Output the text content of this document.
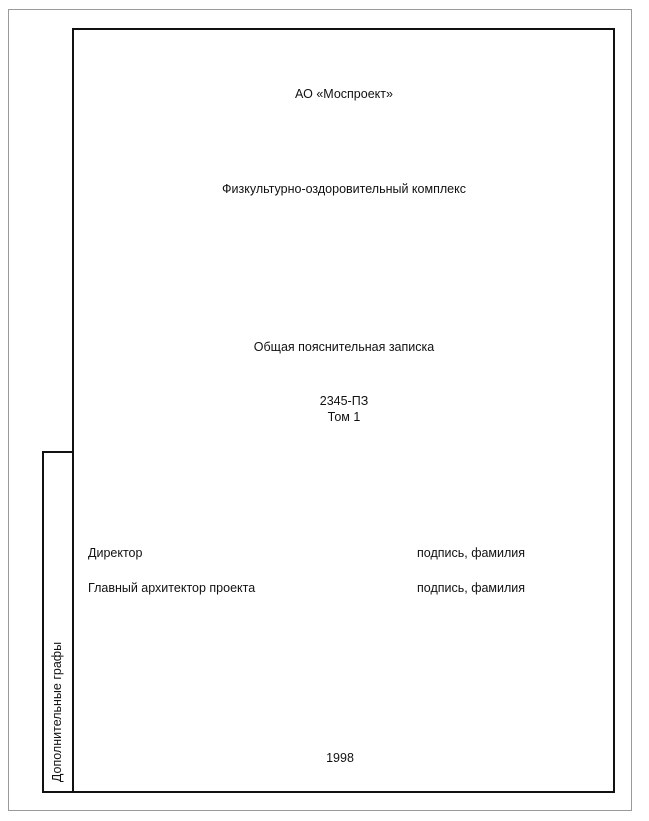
Дополнительные графы
АО «Моспроект»
Физкультурно-оздоровительный комплекс
Общая пояснительная записка
2345-ПЗ
Том 1
Директор	подпись, фамилия
Главный архитектор проекта	подпись, фамилия
1998
